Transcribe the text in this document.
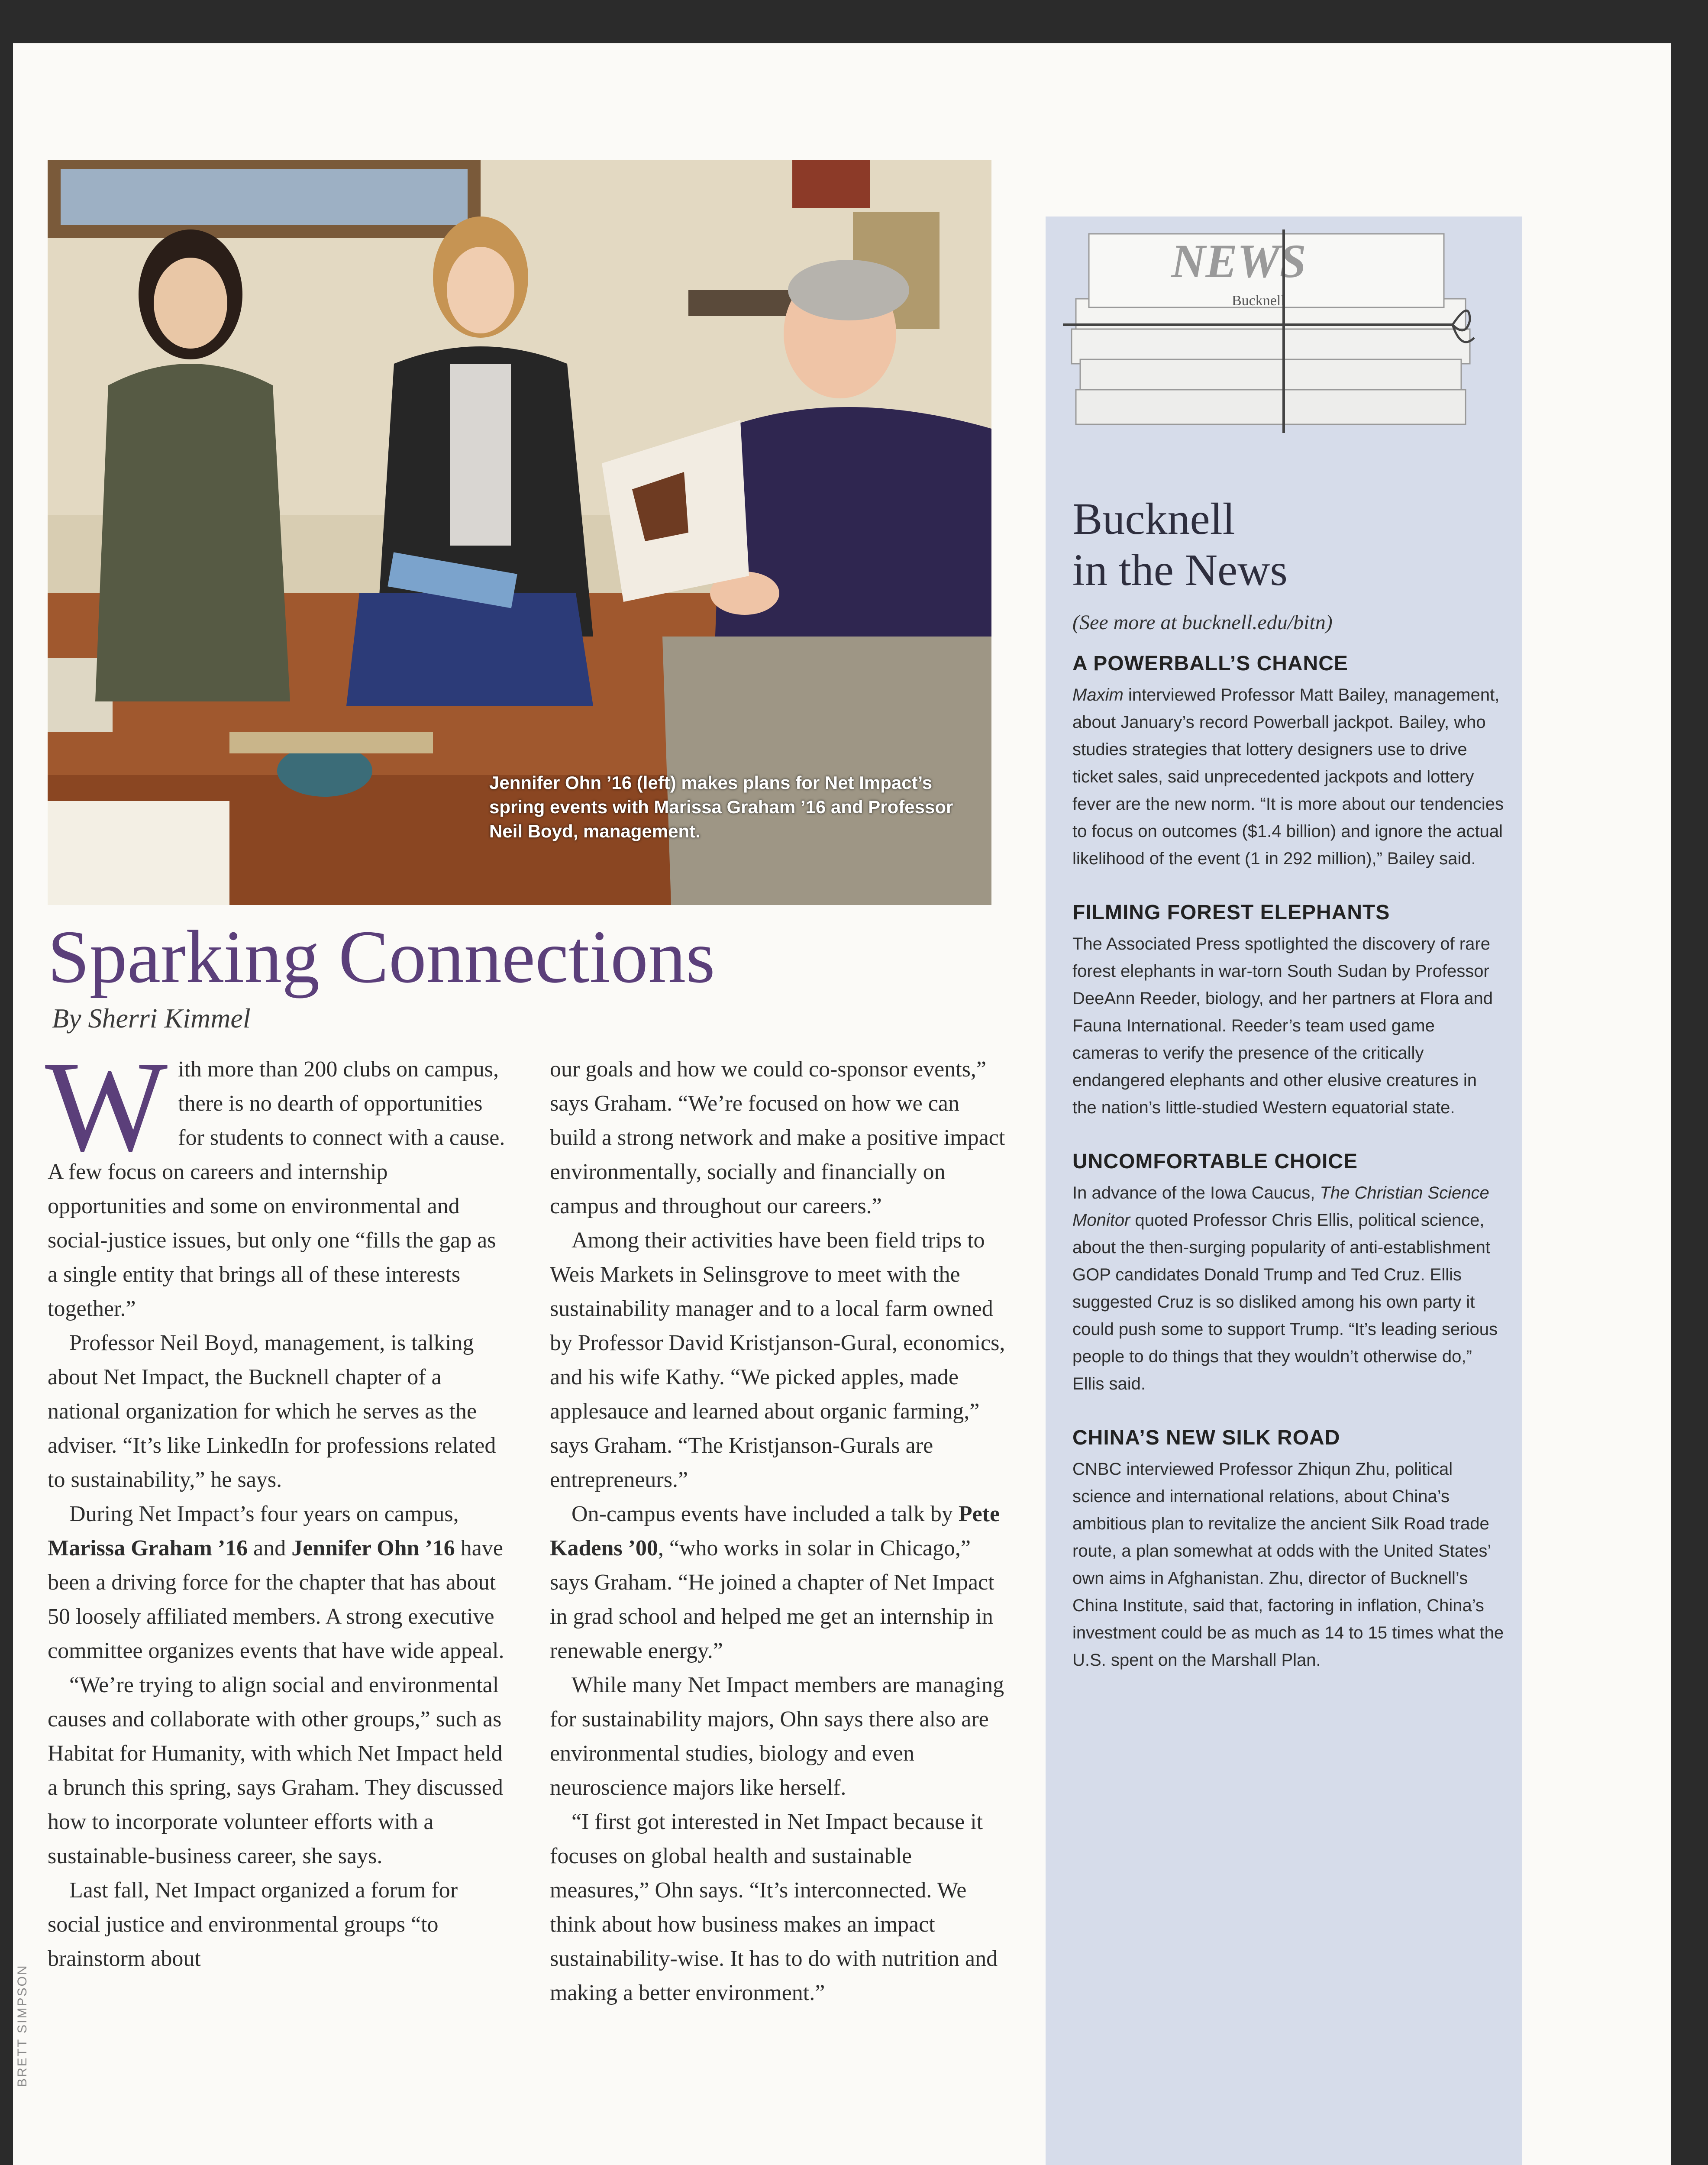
Jennifer Ohn ’16 (left) makes plans for Net Impact’s spring events with Marissa Graham ’16 and Professor Neil Boyd, management.
Sparking Connections
By Sherri Kimmel

With more than 200 clubs on campus, there is no dearth of opportunities for students to connect with a cause. A few focus on careers and internship opportunities and some on environmental and social-justice issues, but only one “fills the gap as a single entity that brings all of these interests together.”

Professor Neil Boyd, management, is talking about Net Impact, the Bucknell chapter of a national organization for which he serves as the adviser. “It’s like LinkedIn for professions related to sustainability,” he says.

During Net Impact’s four years on campus, Marissa Graham ’16 and Jennifer Ohn ’16 have been a driving force for the chapter that has about 50 loosely affiliated members. A strong executive committee organizes events that have wide appeal.

“We’re trying to align social and environmental causes and collaborate with other groups,” such as Habitat for Humanity, with which Net Impact held a brunch this spring, says Graham. They discussed how to incorporate volunteer efforts with a sustainable-business career, she says.

Last fall, Net Impact organized a forum for social justice and environmental groups “to brainstorm about

our goals and how we could co-sponsor events,” says Graham. “We’re focused on how we can build a strong network and make a positive impact environmentally, socially and financially on campus and throughout our careers.”

Among their activities have been field trips to Weis Markets in Selinsgrove to meet with the sustainability manager and to a local farm owned by Professor David Kristjanson-Gural, economics, and his wife Kathy. “We picked apples, made applesauce and learned about organic farming,” says Graham. “The Kristjanson-Gurals are entrepreneurs.”

On-campus events have included a talk by Pete Kadens ’00, “who works in solar in Chicago,” says Graham. “He joined a chapter of Net Impact in grad school and helped me get an internship in renewable energy.”

While many Net Impact members are managing for sustainability majors, Ohn says there also are environmental studies, biology and even neuroscience majors like herself.

“I first got interested in Net Impact because it focuses on global health and sustainable measures,” Ohn says. “It’s interconnected. We think about how business makes an impact sustainability-wise. It has to do with nutrition and making a better environment.”

BRETT SIMPSON
NEWS
Bucknell
Bucknell
in the News
(See more at bucknell.edu/bitn)
A POWERBALL’S CHANCE

Maxim interviewed Professor Matt Bailey, management, about January’s record Powerball jackpot. Bailey, who studies strategies that lottery designers use to drive ticket sales, said unprecedented jackpots and lottery fever are the new norm. “It is more about our tendencies to focus on outcomes ($1.4 billion) and ignore the actual likelihood of the event (1 in 292 million),” Bailey said.

FILMING FOREST ELEPHANTS

The Associated Press spotlighted the discovery of rare forest elephants in war-torn South Sudan by Professor DeeAnn Reeder, biology, and her partners at Flora and Fauna International. Reeder’s team used game cameras to verify the presence of the critically endangered elephants and other elusive creatures in the nation’s little-studied Western equatorial state.

UNCOMFORTABLE CHOICE

In advance of the Iowa Caucus, The Christian Science Monitor quoted Professor Chris Ellis, political science, about the then-surging popularity of anti-establishment GOP candidates Donald Trump and Ted Cruz. Ellis suggested Cruz is so disliked among his own party it could push some to support Trump. “It’s leading serious people to do things that they wouldn’t otherwise do,” Ellis said.

CHINA’S NEW SILK ROAD

CNBC interviewed Professor Zhiqun Zhu, political science and international relations, about China’s ambitious plan to revitalize the ancient Silk Road trade route, a plan somewhat at odds with the United States’ own aims in Afghanistan. Zhu, director of Bucknell’s China Institute, said that, factoring in inflation, China’s investment could be as much as 14 to 15 times what the U.S. spent on the Marshall Plan.
